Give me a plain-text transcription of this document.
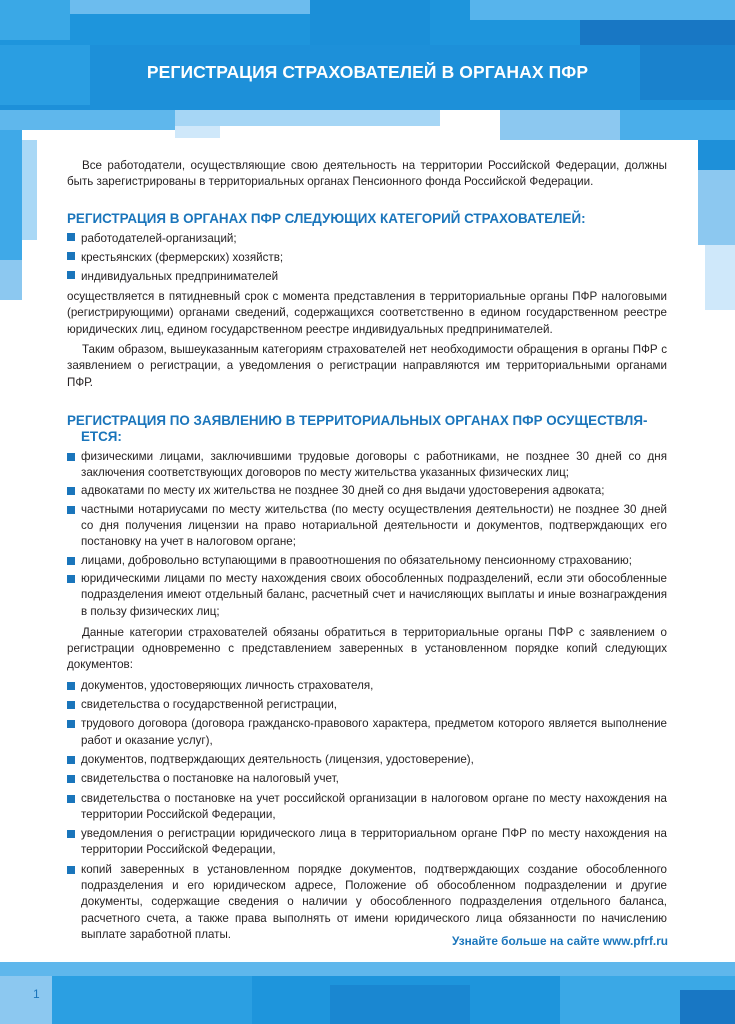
РЕГИСТРАЦИЯ СТРАХОВАТЕЛЕЙ В ОРГАНАХ ПФР

Все работодатели, осуществляющие свою деятельность на территории Российской Федерации, должны быть зарегистрированы в территориальных органах Пенсионного фонда Российской Федерации.

РЕГИСТРАЦИЯ В ОРГАНАХ ПФР СЛЕДУЮЩИХ КАТЕГОРИЙ СТРАХОВАТЕЛЕЙ:
работодателей-организаций;
крестьянских (фермерских) хозяйств;
индивидуальных предпринимателей

осуществляется в пятидневный срок с момента представления в территориальные органы ПФР налоговыми (регистрирующими) органами сведений, содержащихся соответственно в едином государственном реестре юридических лиц, едином государственном реестре индивидуальных предпринимателей.

Таким образом, вышеуказанным категориям страхователей нет необходимости обращения в органы ПФР с заявлением о регистрации, а уведомления о регистрации направляются им территориальными органами ПФР.

РЕГИСТРАЦИЯ ПО ЗАЯВЛЕНИЮ В ТЕРРИТОРИАЛЬНЫХ ОРГАНАХ ПФР ОСУЩЕСТВЛЯ-
ЕТСЯ:
физическими лицами, заключившими трудовые договоры с работниками, не позднее 30 дней со дня заключения соответствующих договоров по месту жительства указанных физических лиц;
адвокатами по месту их жительства не позднее 30 дней со дня выдачи удостоверения адвоката;
частными нотариусами по месту жительства (по месту осуществления деятельности) не позднее 30 дней со дня получения лицензии на право нотариальной деятельности и документов, подтверждающих его постановку на учет в налоговом органе;
лицами, добровольно вступающими в правоотношения по обязательному пенсионному страхованию;
юридическими лицами по месту нахождения своих обособленных подразделений, если эти обособленные подразделения имеют отдельный баланс, расчетный счет и начисляющих выплаты и иные вознаграждения в пользу физических лиц;

Данные категории страхователей обязаны обратиться в территориальные органы ПФР с заявлением о регистрации одновременно с представлением заверенных в установленном порядке копий следующих документов:

документов, удостоверяющих личность страхователя,
свидетельства о государственной регистрации,
трудового договора (договора гражданско-правового характера, предметом которого является выполнение работ и оказание услуг),
документов, подтверждающих деятельность (лицензия, удостоверение),
свидетельства о постановке на налоговый учет,
свидетельства о постановке на учет российской организации в налоговом органе по месту нахождения на территории Российской Федерации,
уведомления о регистрации юридического лица в территориальном органе ПФР по месту нахождения на территории Российской Федерации,
копий заверенных в установленном порядке документов, подтверждающих создание обособленного подразделения и его юридическом адресе, Положение об обособленном подразделении и другие документы, содержащие сведения о наличии у обособленного подразделения отдельного баланса, расчетного счета, а также права выполнять от имени юридического лица обязанности по начислению выплате заработной платы.	Узнайте больше на сайте www.pfrf.ru
1
